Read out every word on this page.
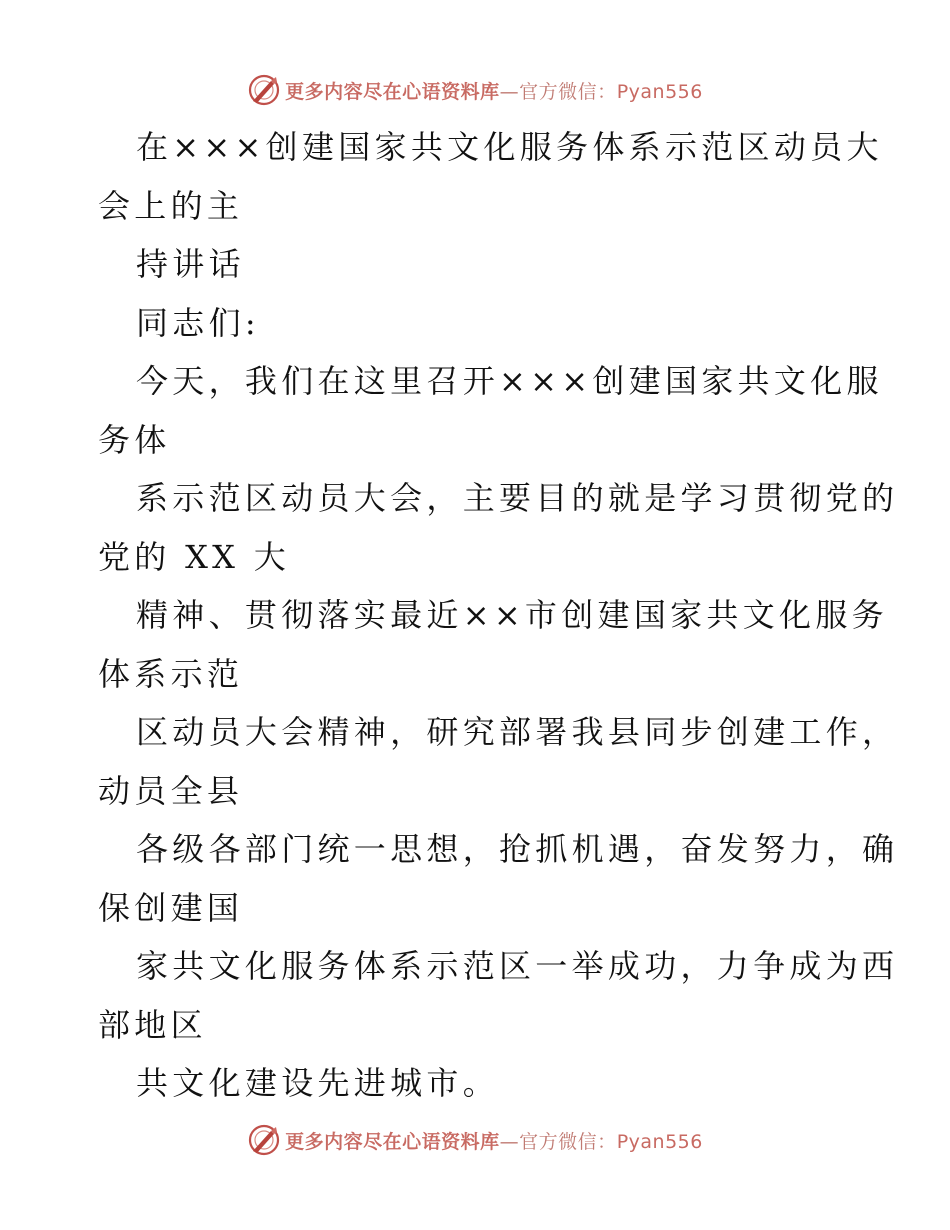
更多内容尽在心语资料库—官方微信：Pyan556
在×××创建国家共文化服务体系示范区动员大
会上的主
持讲话
同志们:
今天，我们在这里召开×××创建国家共文化服
务体
系示范区动员大会，主要目的就是学习贯彻党的
党的 XX 大
精神、贯彻落实最近××市创建国家共文化服务
体系示范
区动员大会精神，研究部署我县同步创建工作，
动员全县
各级各部门统一思想，抢抓机遇，奋发努力，确
保创建国
家共文化服务体系示范区一举成功，力争成为西
部地区
共文化建设先进城市。
更多内容尽在心语资料库—官方微信：Pyan556
